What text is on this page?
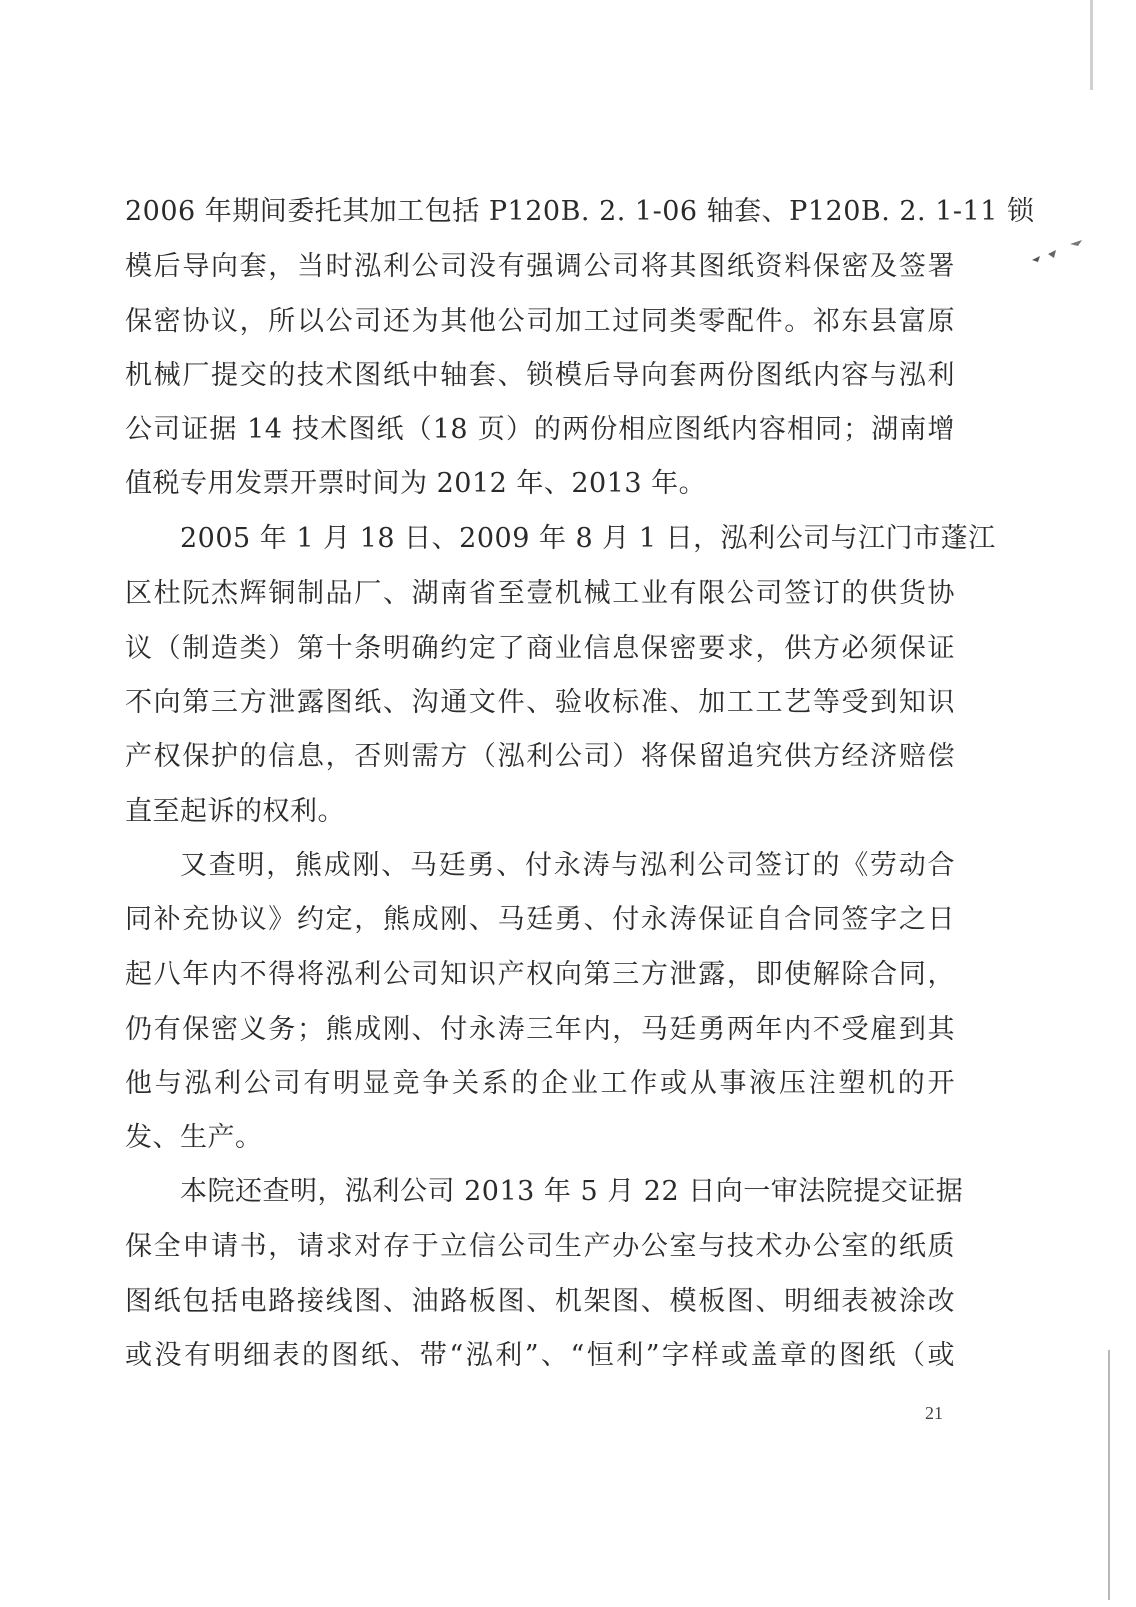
2006 年期间委托其加工包括 P120B. 2. 1-06 轴套、P120B. 2. 1-11 锁
模后导向套，当时泓利公司没有强调公司将其图纸资料保密及签署
保密协议，所以公司还为其他公司加工过同类零配件。祁东县富原
机械厂提交的技术图纸中轴套、锁模后导向套两份图纸内容与泓利
公司证据 14 技术图纸（18 页）的两份相应图纸内容相同；湖南增
值税专用发票开票时间为 2012 年、2013 年。
2005 年 1 月 18 日、2009 年 8 月 1 日，泓利公司与江门市蓬江
区杜阮杰辉铜制品厂、湖南省至壹机械工业有限公司签订的供货协
议（制造类）第十条明确约定了商业信息保密要求，供方必须保证
不向第三方泄露图纸、沟通文件、验收标准、加工工艺等受到知识
产权保护的信息，否则需方（泓利公司）将保留追究供方经济赔偿
直至起诉的权利。
又查明，熊成刚、马廷勇、付永涛与泓利公司签订的《劳动合
同补充协议》约定，熊成刚、马廷勇、付永涛保证自合同签字之日
起八年内不得将泓利公司知识产权向第三方泄露，即使解除合同，
仍有保密义务；熊成刚、付永涛三年内，马廷勇两年内不受雇到其
他与泓利公司有明显竞争关系的企业工作或从事液压注塑机的开
发、生产。
本院还查明，泓利公司 2013 年 5 月 22 日向一审法院提交证据
保全申请书，请求对存于立信公司生产办公室与技术办公室的纸质
图纸包括电路接线图、油路板图、机架图、模板图、明细表被涂改
或没有明细表的图纸、带“泓利”、“恒利”字样或盖章的图纸（或
21
